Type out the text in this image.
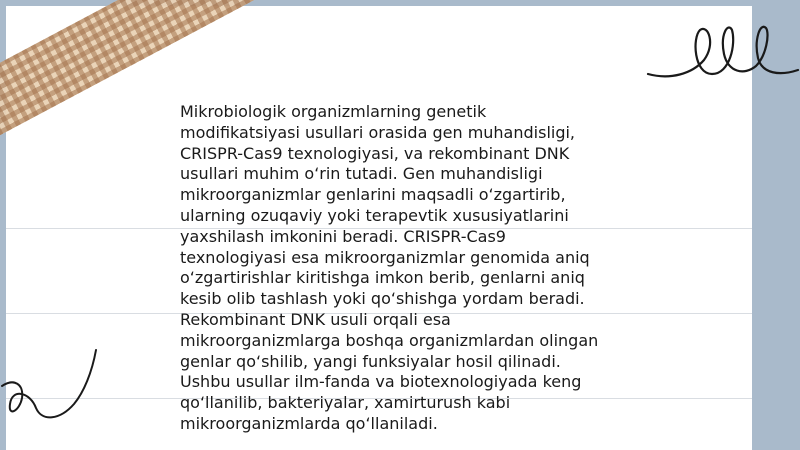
Mikrobiologik organizmlarning genetik
modifikatsiyasi usullari orasida gen muhandisligi,
CRISPR-Cas9 texnologiyasi, va rekombinant DNK
usullari muhim o‘rin tutadi. Gen muhandisligi
mikroorganizmlar genlarini maqsadli o‘zgartirib,
ularning ozuqaviy yoki terapevtik xususiyatlarini
yaxshilash imkonini beradi. CRISPR-Cas9
texnologiyasi esa mikroorganizmlar genomida aniq
o‘zgartirishlar kiritishga imkon berib, genlarni aniq
kesib olib tashlash yoki qo‘shishga yordam beradi.
Rekombinant DNK usuli orqali esa
mikroorganizmlarga boshqa organizmlardan olingan
genlar qo‘shilib, yangi funksiyalar hosil qilinadi.
Ushbu usullar ilm-fanda va biotexnologiyada keng
qo‘llanilib, bakteriyalar, xamirturush kabi
mikroorganizmlarda qo‘llaniladi.
